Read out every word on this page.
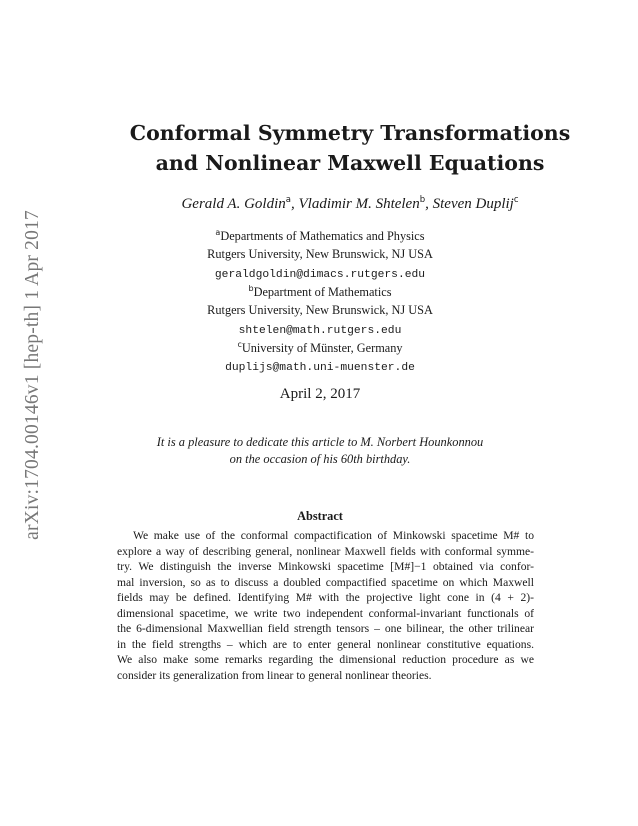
arXiv:1704.00146v1 [hep-th] 1 Apr 2017
Conformal Symmetry Transformations
and Nonlinear Maxwell Equations
Gerald A. Goldin$^a$, Vladimir M. Shtelen$^b$, Steven Duplij$^c$
$^a$Departments of Mathematics and Physics
Rutgers University, New Brunswick, NJ USA
geraldgoldin@dimacs.rutgers.edu
$^b$Department of Mathematics
Rutgers University, New Brunswick, NJ USA
shtelen@math.rutgers.edu
$^c$University of Münster, Germany
duplijs@math.uni-muenster.de
April 2, 2017
It is a pleasure to dedicate this article to M. Norbert Hounkonnou
on the occasion of his 60th birthday.
Abstract
We make use of the conformal compactification of Minkowski spacetime M# to
explore a way of describing general, nonlinear Maxwell fields with conformal symme-
try. We distinguish the inverse Minkowski spacetime [M#]−1 obtained via confor-
mal inversion, so as to discuss a doubled compactified spacetime on which Maxwell
fields may be defined. Identifying M# with the projective light cone in (4 + 2)-
dimensional spacetime, we write two independent conformal-invariant functionals of
the 6-dimensional Maxwellian field strength tensors – one bilinear, the other trilinear
in the field strengths – which are to enter general nonlinear constitutive equations.
We also make some remarks regarding the dimensional reduction procedure as we
consider its generalization from linear to general nonlinear theories.
